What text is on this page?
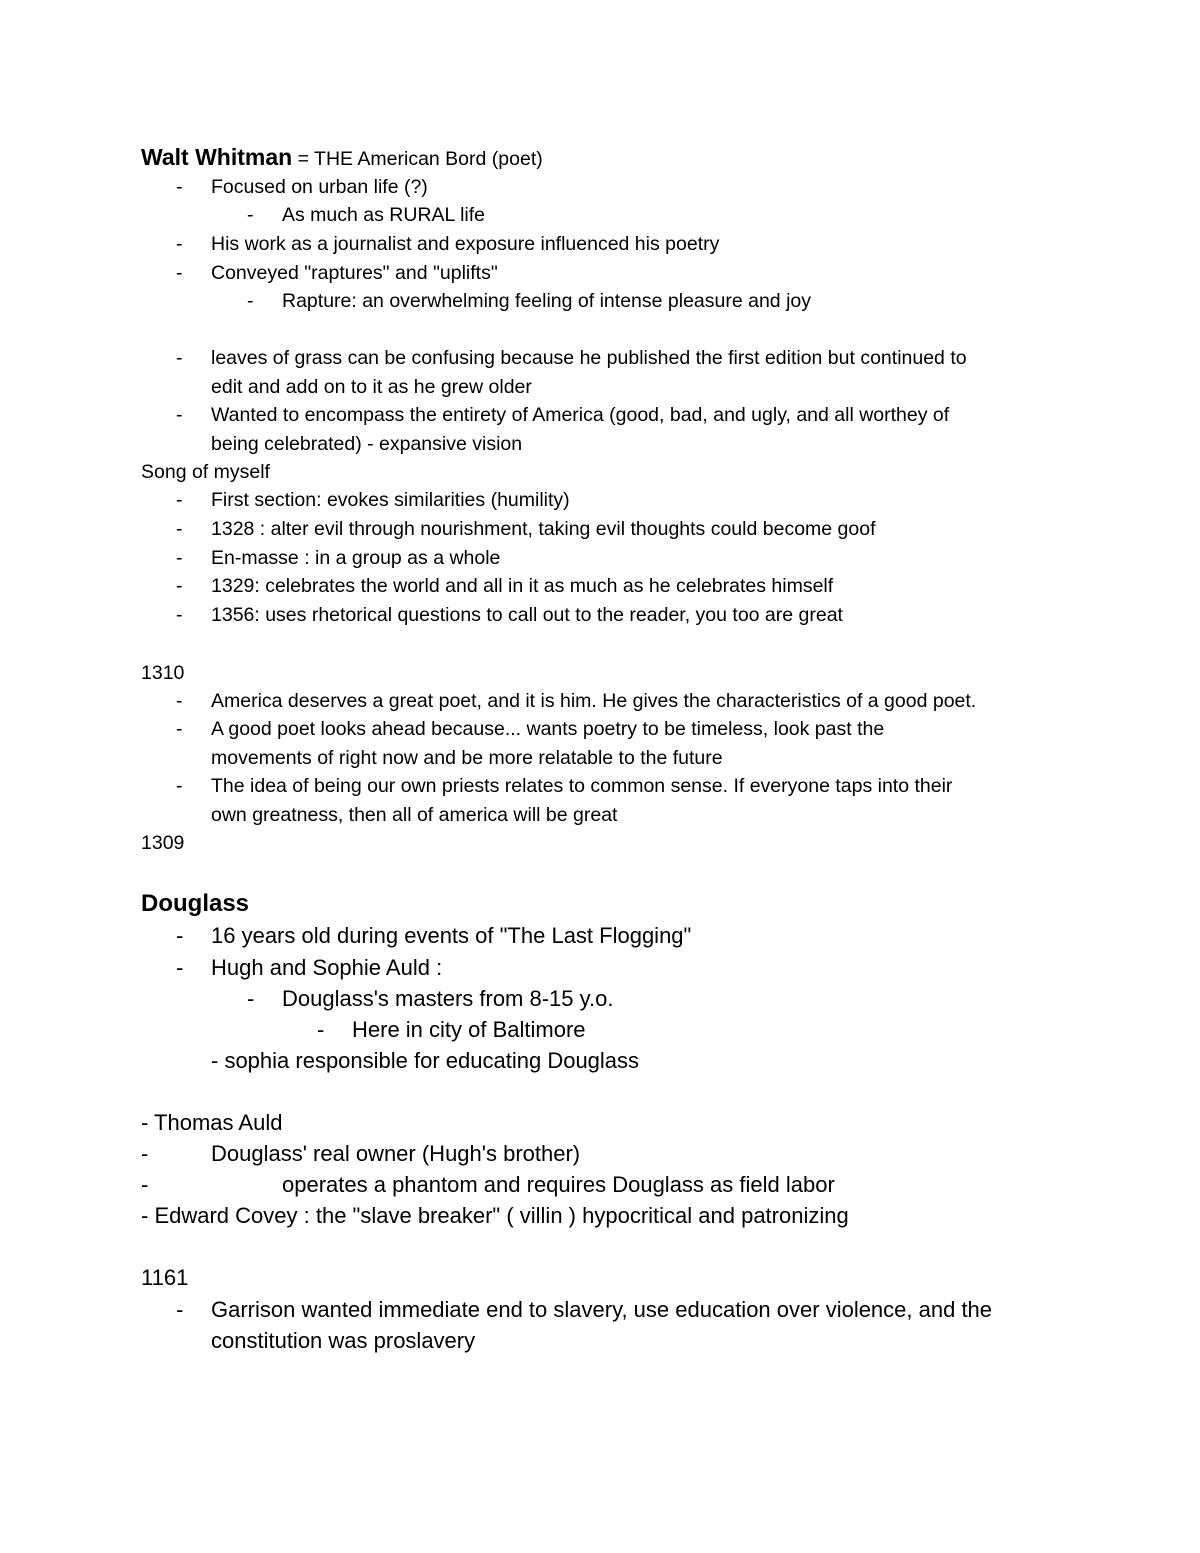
Walt Whitman = THE American Bord (poet)
- Focused on urban life (?)
- As much as RURAL life
- His work as a journalist and exposure influenced his poetry
- Conveyed "raptures" and "uplifts"
- Rapture: an overwhelming feeling of intense pleasure and joy
- leaves of grass can be confusing because he published the first edition but continued to
edit and add on to it as he grew older
- Wanted to encompass the entirety of America (good, bad, and ugly, and all worthey of
being celebrated) - expansive vision
Song of myself
- First section: evokes similarities (humility)
- 1328 : alter evil through nourishment, taking evil thoughts could become goof
- En-masse : in a group as a whole
- 1329: celebrates the world and all in it as much as he celebrates himself
- 1356: uses rhetorical questions to call out to the reader, you too are great
1310
- America deserves a great poet, and it is him. He gives the characteristics of a good poet.
- A good poet looks ahead because... wants poetry to be timeless, look past the
movements of right now and be more relatable to the future
- The idea of being our own priests relates to common sense. If everyone taps into their
own greatness, then all of america will be great
1309
Douglass
- 16 years old during events of "The Last Flogging"
- Hugh and Sophie Auld :
- Douglass's masters from 8-15 y.o.
- Here in city of Baltimore
- sophia responsible for educating Douglass
- Thomas Auld
-	Douglass' real owner (Hugh's brother)
-	operates a phantom and requires Douglass as field labor
- Edward Covey : the "slave breaker" ( villin ) hypocritical and patronizing
1161
- Garrison wanted immediate end to slavery, use education over violence, and the
constitution was proslavery
